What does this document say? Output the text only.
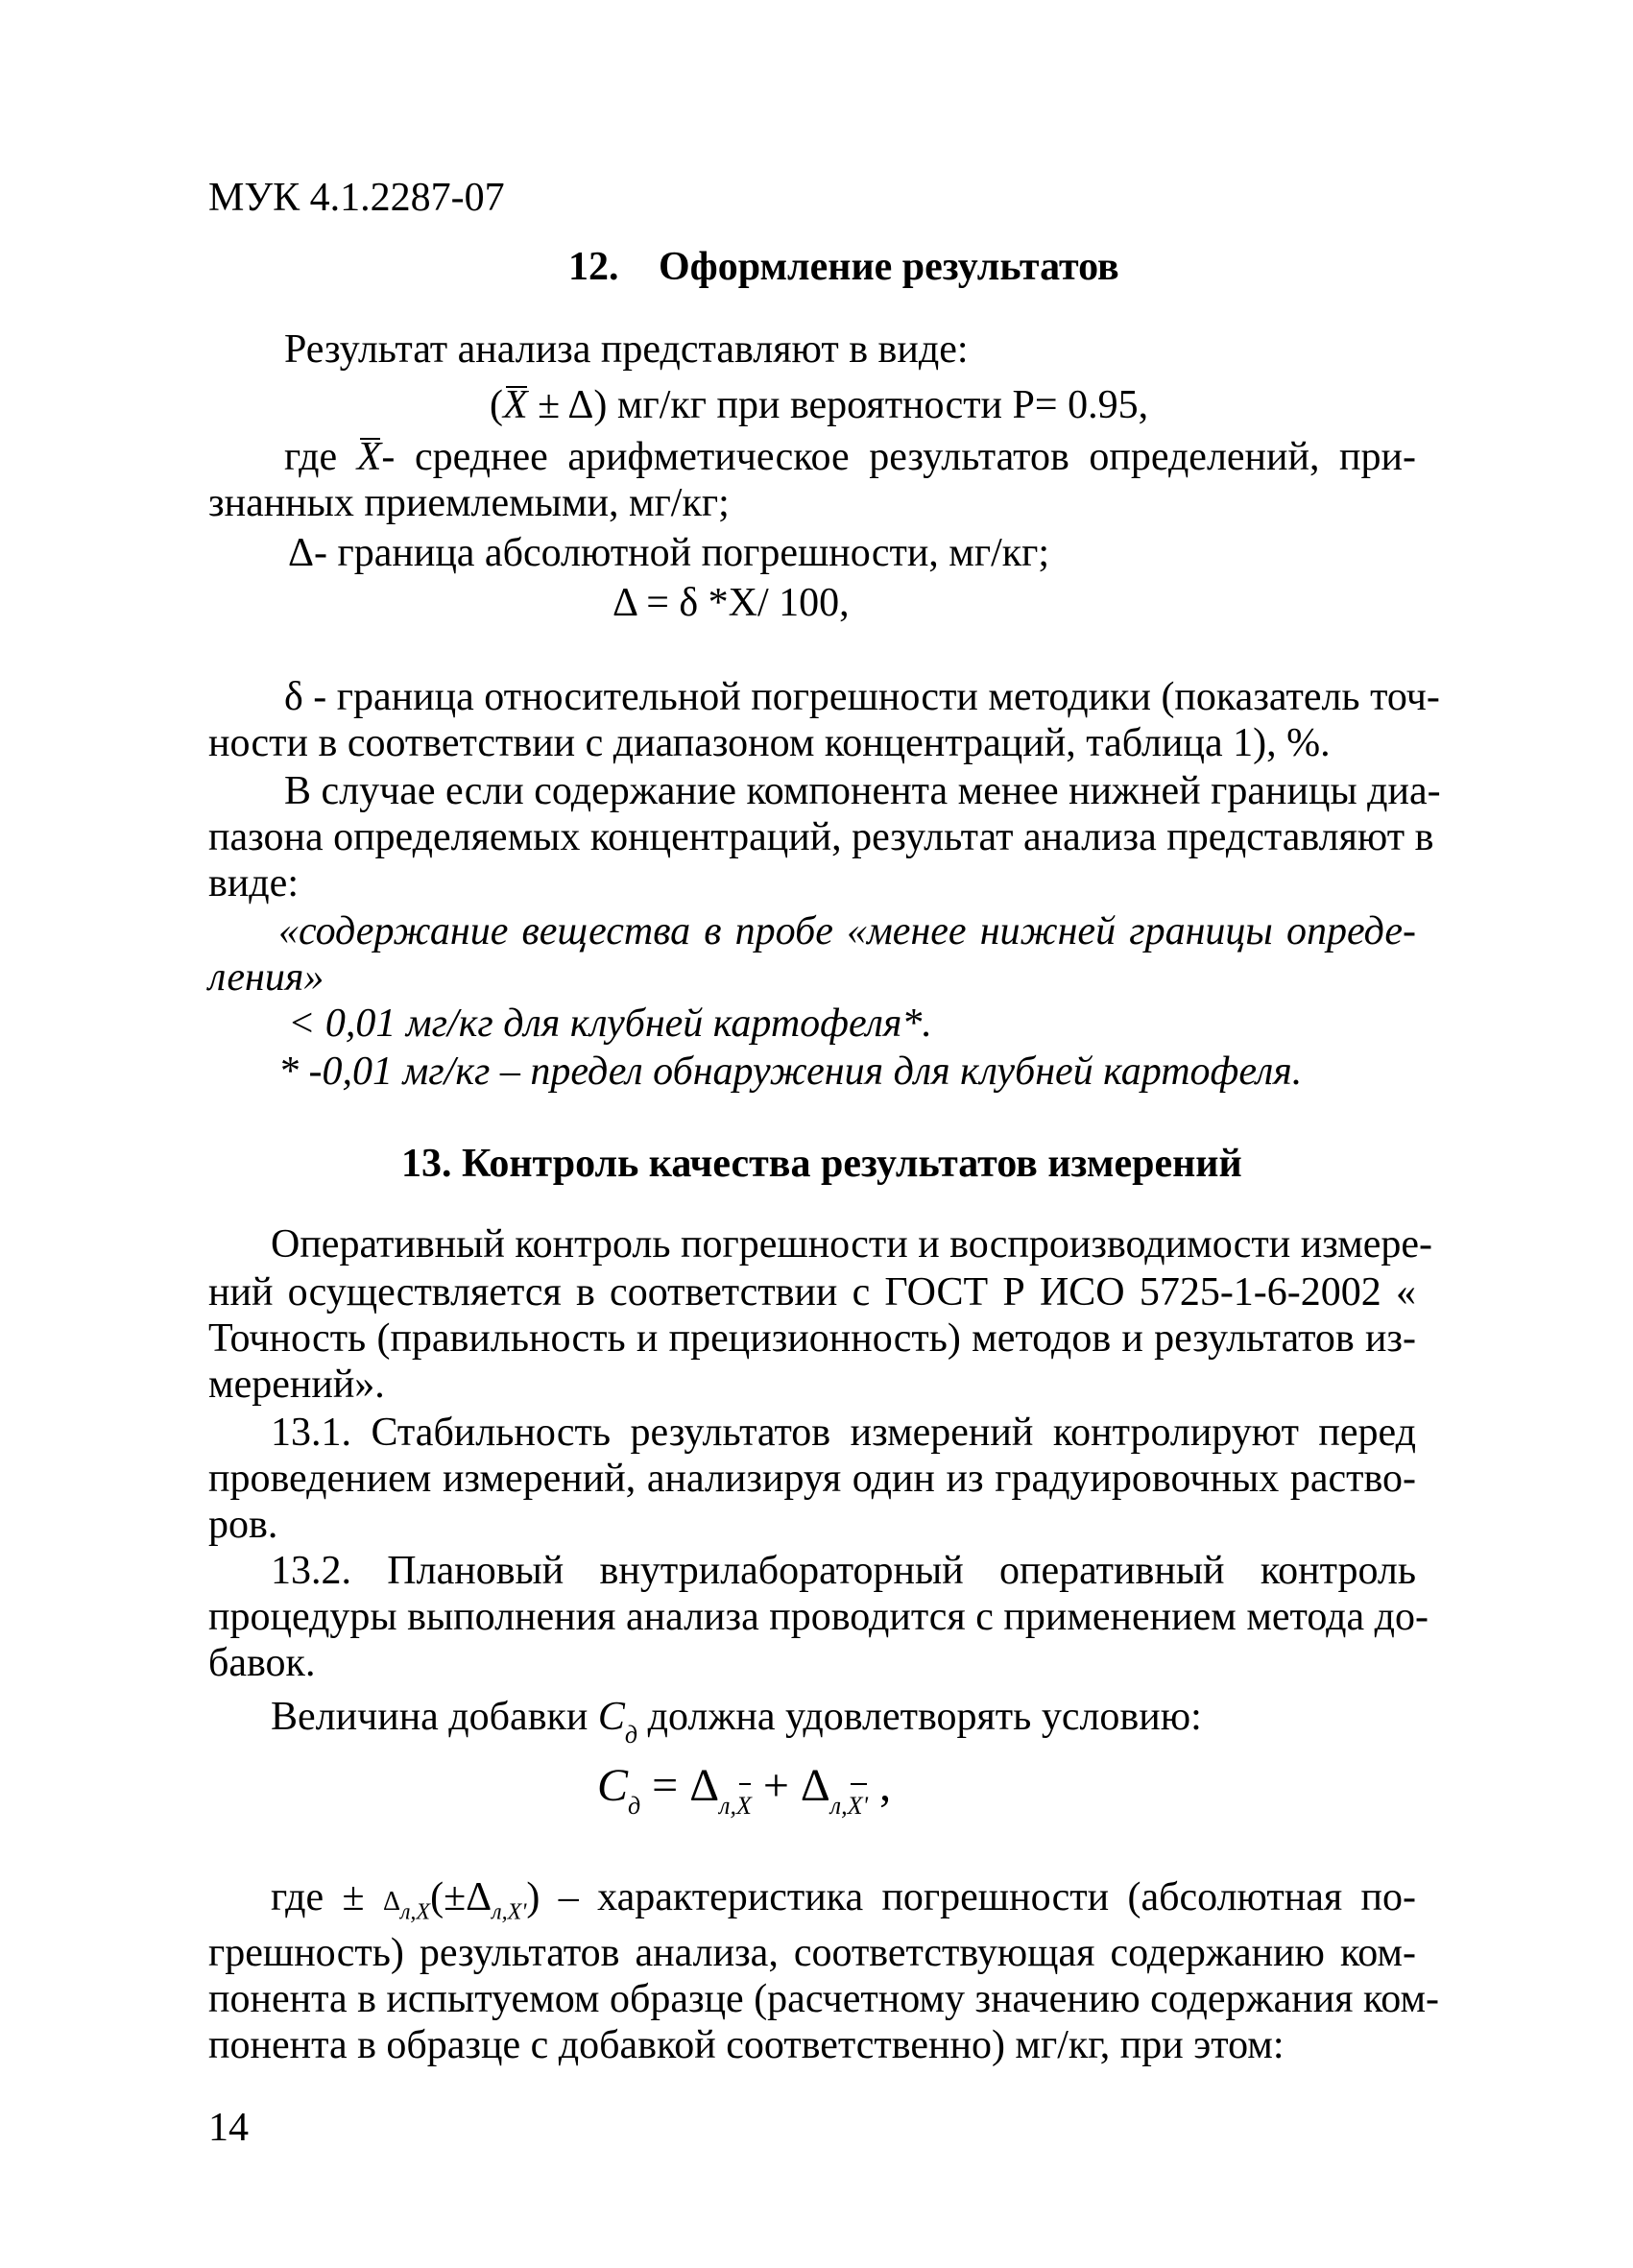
МУК 4.1.2287-07
12. Оформление результатов
Результат анализа представляют в виде:
(X ± Δ) мг/кг при вероятности Р= 0.95,
где X- среднее арифметическое результатов определений, при-
знанных приемлемыми, мг/кг;
Δ- граница абсолютной погрешности, мг/кг;
Δ = δ *X/ 100,
δ - граница относительной погрешности методики (показатель точ-
ности в соответствии с диапазоном концентраций, таблица 1), %.
В случае если содержание компонента менее нижней границы диа-
пазона определяемых концентраций, результат анализа представляют в
виде:
«содержание вещества в пробе «менее нижней границы опреде-
ления»
< 0,01 мг/кг для клубней картофеля*.
* -0,01 мг/кг – предел обнаружения для клубней картофеля.
13. Контроль качества результатов измерений
Оперативный контроль погрешности и воспроизводимости измере-
ний осуществляется в соответствии с ГОСТ Р ИСО 5725-1-6-2002 «
Точность (правильность и прецизионность) методов и результатов из-
мерений».
13.1. Стабильность результатов измерений контролируют перед
проведением измерений, анализируя один из градуировочных раство-
ров.
13.2. Плановый внутрилабораторный оперативный контроль
процедуры выполнения анализа проводится с применением метода до-
бавок.
Величина добавки $С_д$ должна удовлетворять условию:
$С_д = \Delta_{л,}X + \Delta_{л,}X'$ ,
где ± $\Delta_{л,X}(\pm\Delta_{л,X'})$ – характеристика погрешности (абсолютная по-
грешность) результатов анализа, соответствующая содержанию ком-
понента в испытуемом образце (расчетному значению содержания ком-
понента в образце с добавкой соответственно) мг/кг, при этом:
14
